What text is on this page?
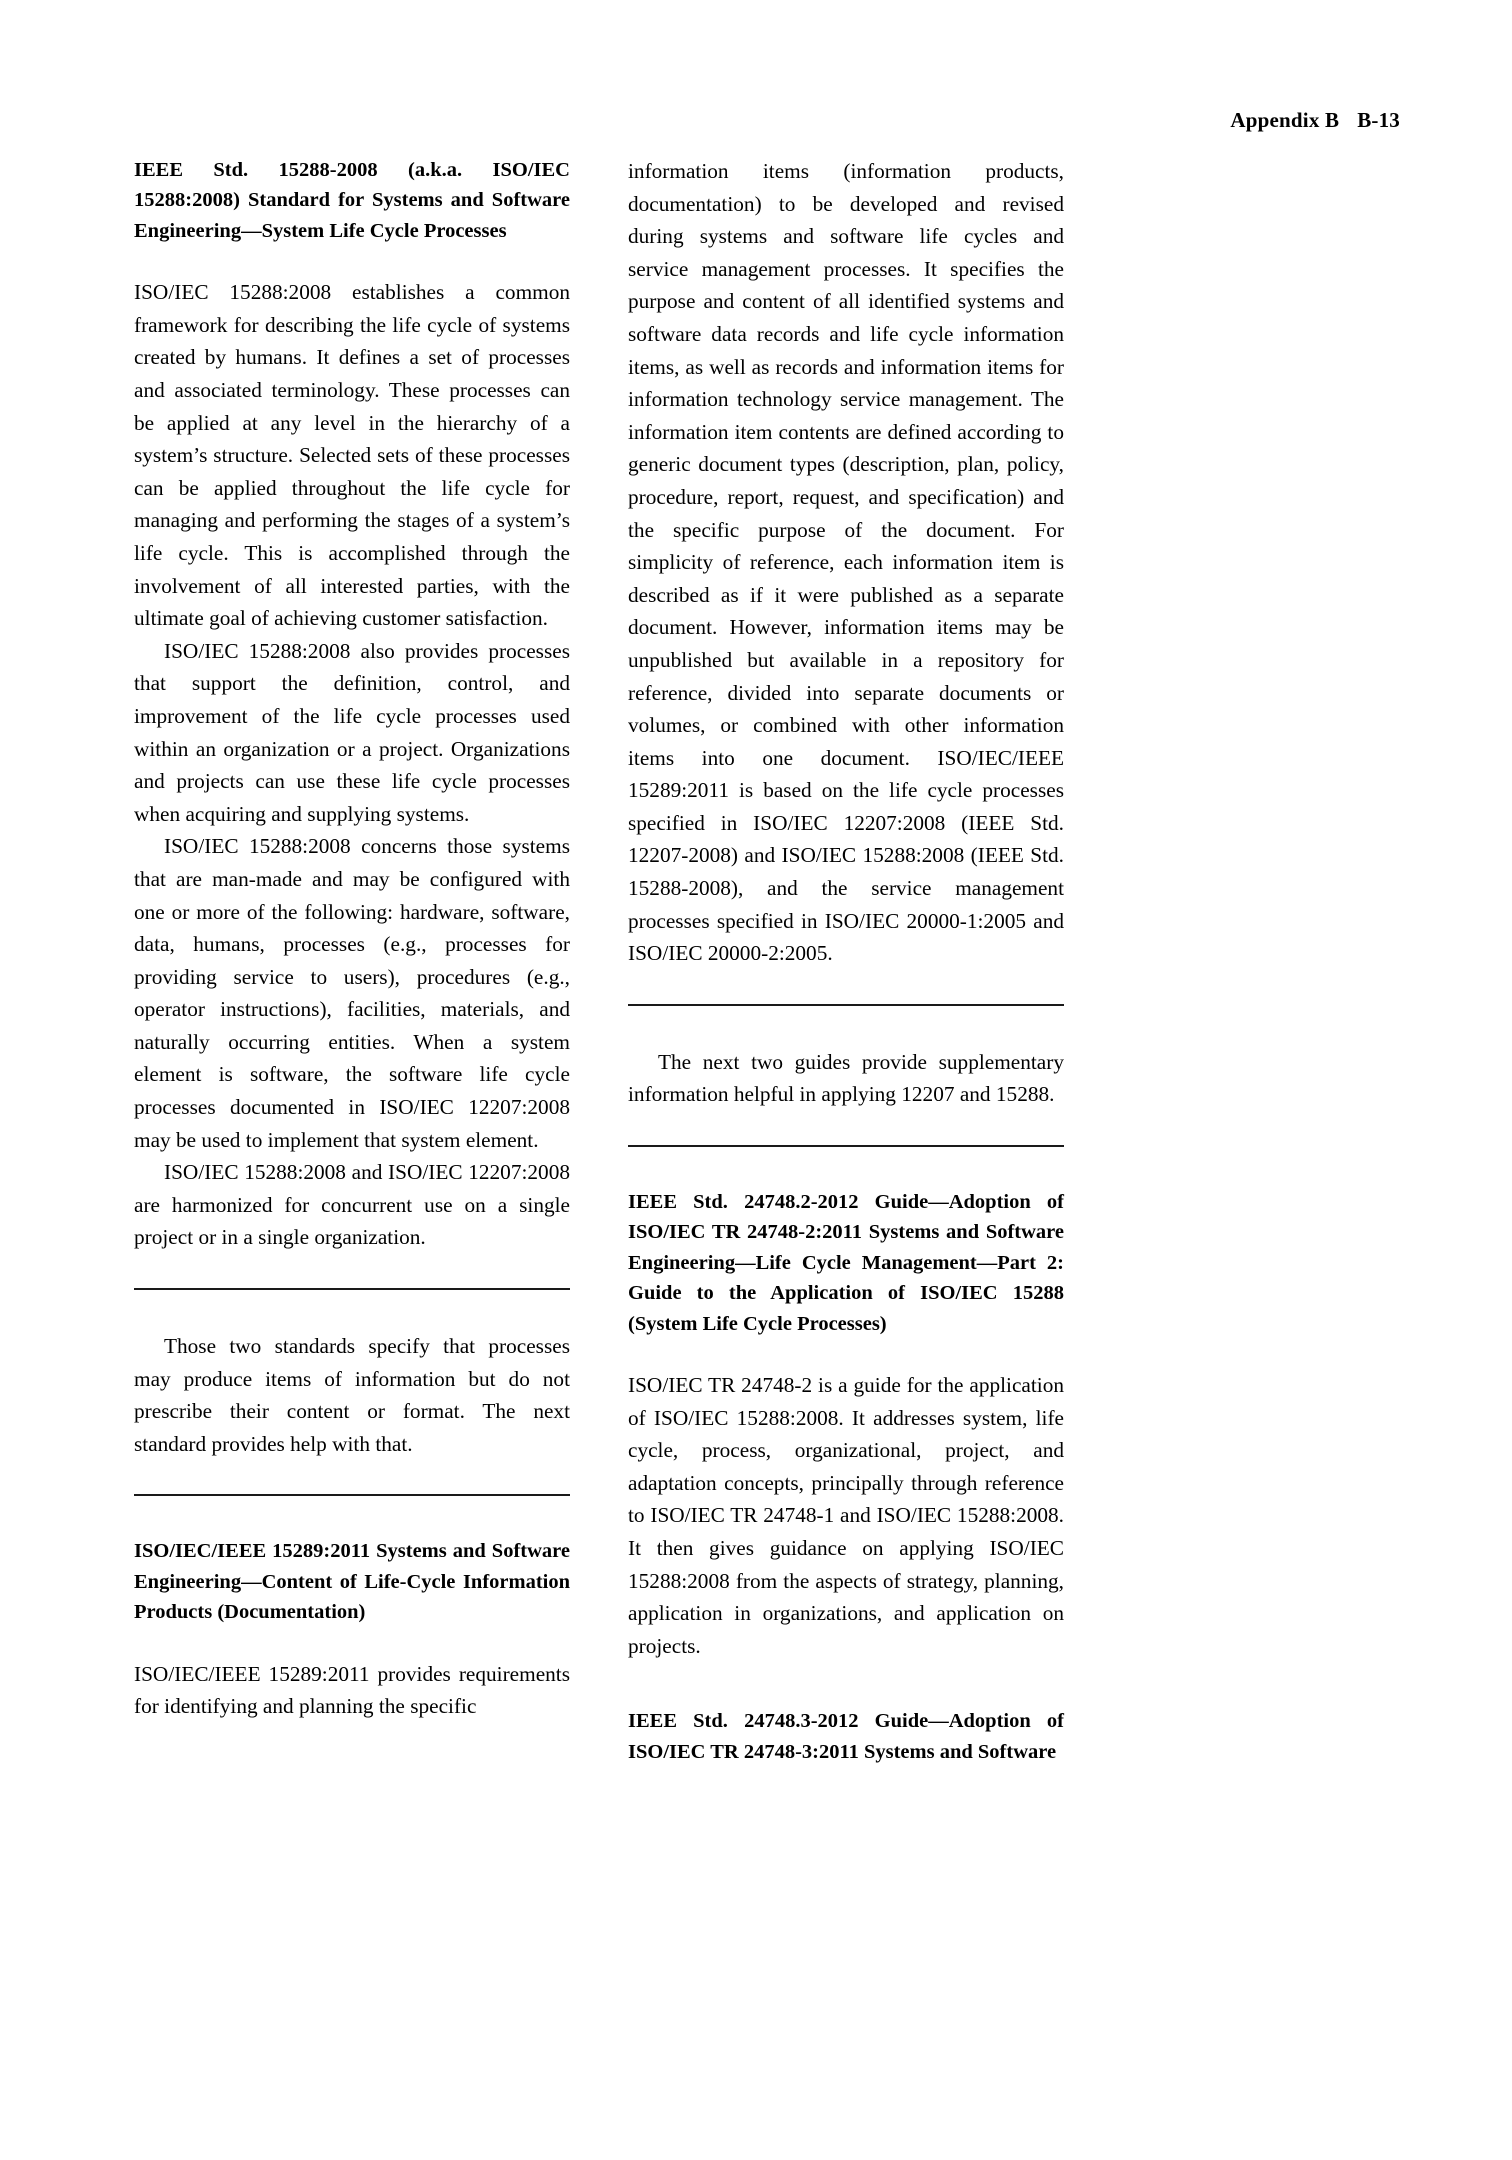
Appendix B B-13

IEEE Std. 15288-2008 (a.k.a. ISO/IEC 15288:2008) Standard for Systems and Software Engineering—System Life Cycle Processes

ISO/IEC 15288:2008 establishes a common framework for describing the life cycle of systems created by humans. It defines a set of processes and associated terminology. These processes can be applied at any level in the hierarchy of a system’s structure. Selected sets of these processes can be applied throughout the life cycle for managing and performing the stages of a system’s life cycle. This is accomplished through the involvement of all interested parties, with the ultimate goal of achieving customer satisfaction.

ISO/IEC 15288:2008 also provides processes that support the definition, control, and improvement of the life cycle processes used within an organization or a project. Organizations and projects can use these life cycle processes when acquiring and supplying systems.

ISO/IEC 15288:2008 concerns those systems that are man-made and may be configured with one or more of the following: hardware, software, data, humans, processes (e.g., processes for providing service to users), procedures (e.g., operator instructions), facilities, materials, and naturally occurring entities. When a system element is software, the software life cycle processes documented in ISO/IEC 12207:2008 may be used to implement that system element.

ISO/IEC 15288:2008 and ISO/IEC 12207:2008 are harmonized for concurrent use on a single project or in a single organization.

Those two standards specify that processes may produce items of information but do not prescribe their content or format. The next standard provides help with that.

ISO/IEC/IEEE 15289:2011 Systems and Software Engineering—Content of Life-Cycle Information Products (Documentation)

ISO/IEC/IEEE 15289:2011 provides requirements for identifying and planning the specific

information items (information products, documentation) to be developed and revised during systems and software life cycles and service management processes. It specifies the purpose and content of all identified systems and software data records and life cycle information items, as well as records and information items for information technology service management. The information item contents are defined according to generic document types (description, plan, policy, procedure, report, request, and specification) and the specific purpose of the document. For simplicity of reference, each information item is described as if it were published as a separate document. However, information items may be unpublished but available in a repository for reference, divided into separate documents or volumes, or combined with other information items into one document. ISO/IEC/IEEE 15289:2011 is based on the life cycle processes specified in ISO/IEC 12207:2008 (IEEE Std. 12207-2008) and ISO/IEC 15288:2008 (IEEE Std. 15288-2008), and the service management processes specified in ISO/IEC 20000-1:2005 and ISO/IEC 20000-2:2005.

The next two guides provide supplementary information helpful in applying 12207 and 15288.

IEEE Std. 24748.2-2012 Guide—Adoption of ISO/IEC TR 24748-2:2011 Systems and Software Engineering—Life Cycle Management—Part 2: Guide to the Application of ISO/IEC 15288 (System Life Cycle Processes)

ISO/IEC TR 24748-2 is a guide for the application of ISO/IEC 15288:2008. It addresses system, life cycle, process, organizational, project, and adaptation concepts, principally through reference to ISO/IEC TR 24748-1 and ISO/IEC 15288:2008. It then gives guidance on applying ISO/IEC 15288:2008 from the aspects of strategy, planning, application in organizations, and application on projects.

IEEE Std. 24748.3-2012 Guide—Adoption of ISO/IEC TR 24748-3:2011 Systems and Software
